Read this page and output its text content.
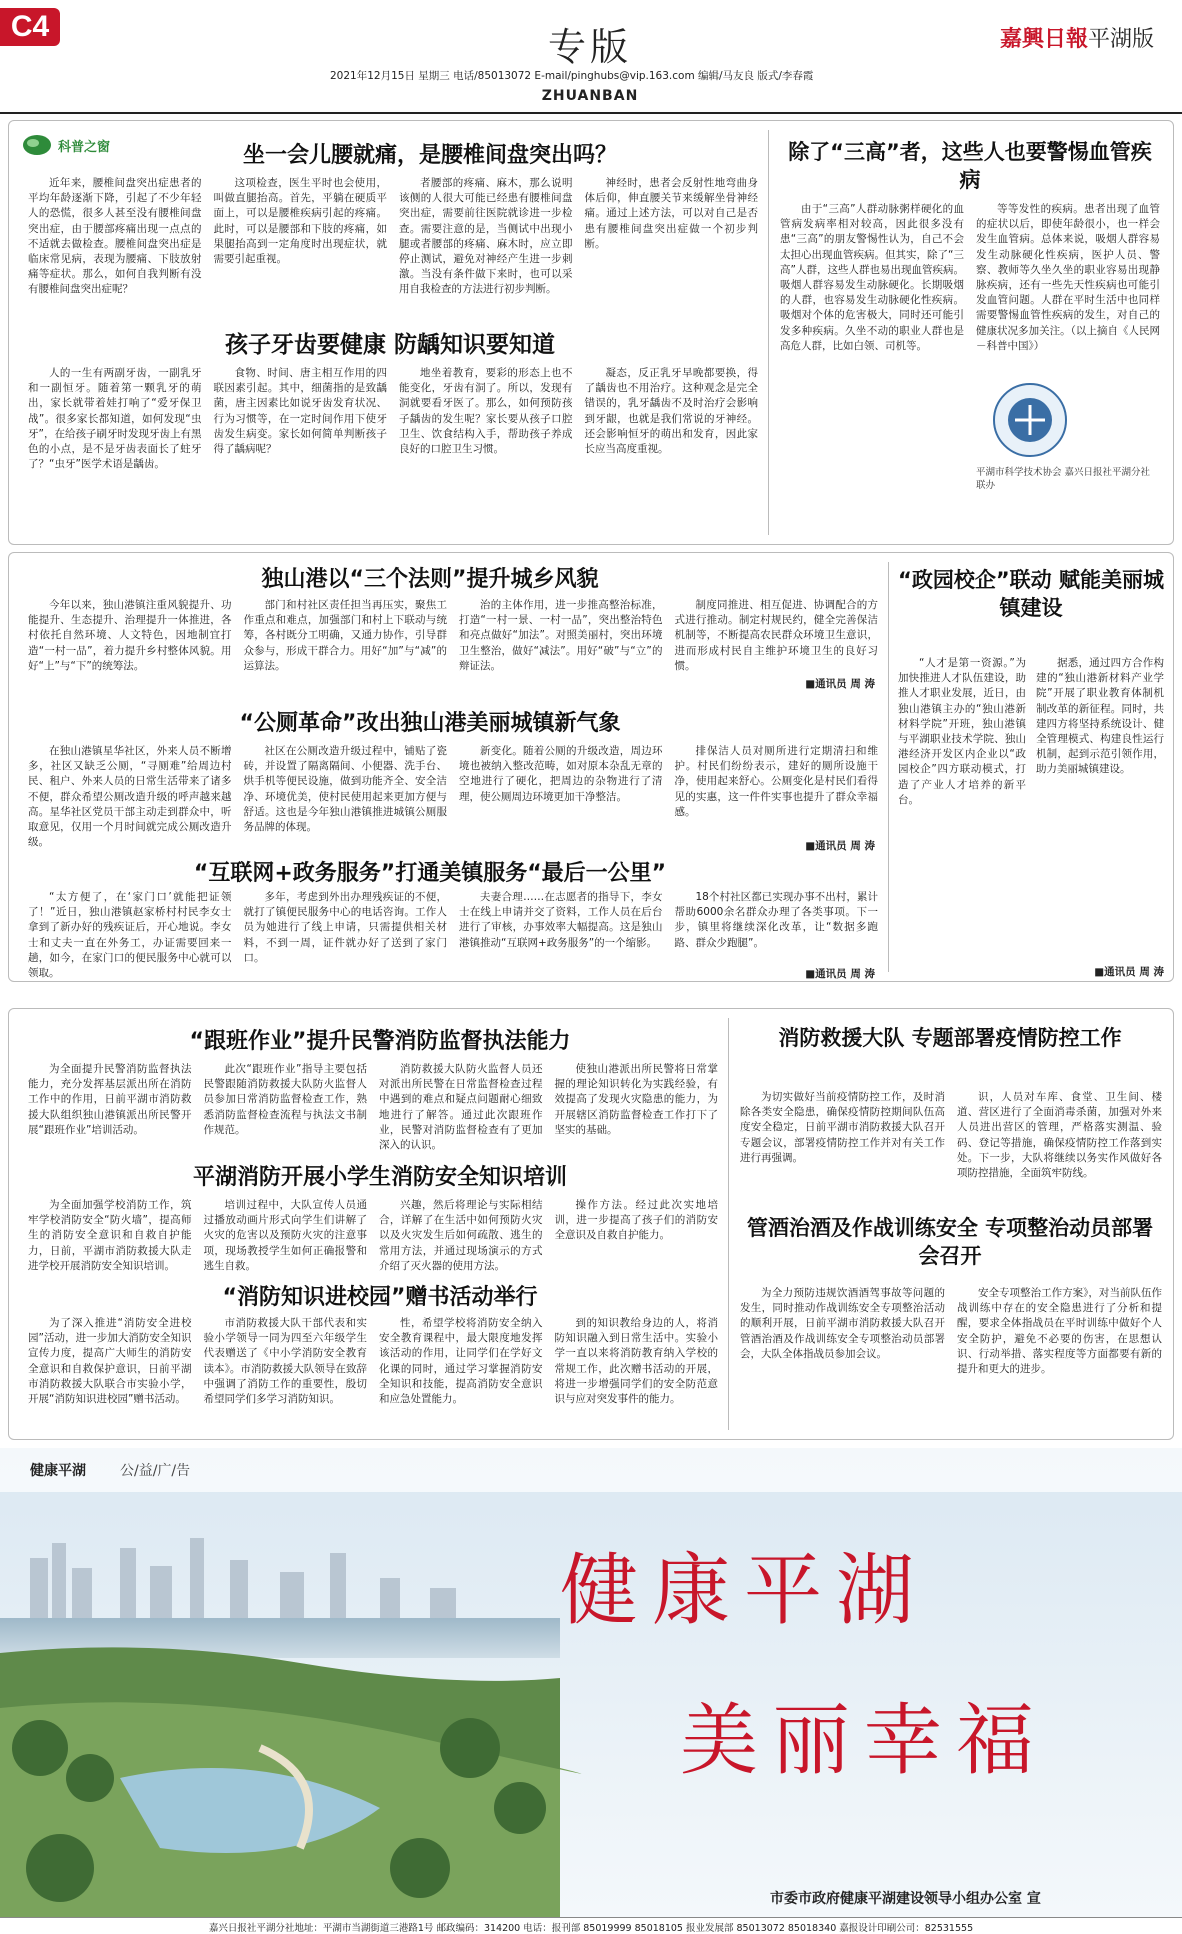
C4	专版
ZHUANBAN
2021年12月15日 星期三 电话/85013072 E-mail/pinghubs@vip.163.com 编辑/马友良 版式/李春霞
嘉興日報平湖版
科普之窗	坐一会儿腰就痛，是腰椎间盘突出吗？
近年来，腰椎间盘突出症患者的平均年龄逐渐下降，引起了不少年轻人的恐慌，很多人甚至没有腰椎间盘突出症，由于腰部疼痛出现一点点的不适就去做检查。腰椎间盘突出症是临床常见病，表现为腰痛、下肢放射痛等症状。那么，如何自我判断有没有腰椎间盘突出症呢？
这项检查，医生平时也会使用，叫做直腿抬高。首先，平躺在硬质平面上，可以是腰椎疾病引起的疼痛。此时，可以是腰部和下肢的疼痛，如果腿抬高到一定角度时出现症状，就需要引起重视。
者腰部的疼痛、麻木，那么说明该侧的人很大可能已经患有腰椎间盘突出症，需要前往医院就诊进一步检查。需要注意的是，当侧试中出现小腿或者腰部的疼痛、麻木时，应立即停止测试，避免对神经产生进一步刺激。当没有条件做下来时，也可以采用自我检查的方法进行初步判断。
神经时，患者会反射性地弯曲身体后仰，伸直腰关节来缓解坐骨神经痛。通过上述方法，可以对自己是否患有腰椎间盘突出症做一个初步判断。
孩子牙齿要健康 防龋知识要知道
人的一生有两副牙齿，一副乳牙和一副恒牙。随着第一颗乳牙的萌出，家长就带着娃打响了“爱牙保卫战”。很多家长都知道，如何发现“虫牙”，在给孩子刷牙时发现牙齿上有黑色的小点，是不是牙齿表面长了蛀牙了？“虫牙”医学术语是龋齿。
食物、时间、唐主相互作用的四联因素引起。其中，细菌指的是致龋菌，唐主因素比如说牙齿发育状况、行为习惯等，在一定时间作用下使牙齿发生病变。家长如何简单判断孩子得了龋病呢？
地坐着教育，要彩的形态上也不能变化，牙齿有洞了。所以，发现有洞就要看牙医了。那么，如何预防孩子龋齿的发生呢？家长要从孩子口腔卫生、饮食结构入手，帮助孩子养成良好的口腔卫生习惯。
凝态，反正乳牙早晚都要换，得了龋齿也不用治疗。这种观念是完全错误的，乳牙龋齿不及时治疗会影响到牙龈，也就是我们常说的牙神经。还会影响恒牙的萌出和发育，因此家长应当高度重视。
除了“三高”者，这些人也要警惕血管疾病
由于“三高”人群动脉粥样硬化的血管病发病率相对较高，因此很多没有患“三高”的朋友警惕性认为，自己不会太担心出现血管疾病。但其实，除了“三高”人群，这些人群也易出现血管疾病。吸烟人群容易发生动脉硬化。长期吸烟的人群，也容易发生动脉硬化性疾病。吸烟对个体的危害极大，同时还可能引发多种疾病。久坐不动的职业人群也是高危人群，比如白领、司机等。
等等发性的疾病。患者出现了血管的症状以后，即使年龄很小，也一样会发生血管病。总体来说，吸烟人群容易发生动脉硬化性疾病，医护人员、警察、教师等久坐久坐的职业容易出现静脉疾病，还有一些先天性疾病也可能引发血管问题。人群在平时生活中也同样需要警惕血管性疾病的发生，对自己的健康状况多加关注。（以上摘自《人民网－科普中国》）
平湖市科学技术协会 嘉兴日报社平湖分社 联办
独山港以“三个法则”提升城乡风貌
今年以来，独山港镇注重风貌提升、功能提升、生态提升、治理提升一体推进，各村依托自然环境、人文特色，因地制宜打造“一村一品”，着力提升乡村整体风貌。用好“上”与“下”的统筹法。
部门和村社区责任担当再压实，聚焦工作重点和难点，加强部门和村上下联动与统筹，各村既分工明确，又通力协作，引导群众参与，形成干群合力。用好“加”与“减”的运算法。
治的主体作用，进一步推高整治标准，打造“一村一景、一村一品”，突出整治特色和亮点做好“加法”。对照美丽村，突出环境卫生整治，做好“减法”。用好“破”与“立”的辩证法。
制度同推进、相互促进、协调配合的方式进行推动。制定村规民约，健全完善保洁机制等，不断提高农民群众环境卫生意识，进而形成村民自主维护环境卫生的良好习惯。
■通讯员 周 涛
“公厕革命”改出独山港美丽城镇新气象
在独山港镇星华社区，外来人员不断增多，社区又缺乏公厕，“寻厕难”给周边村民、租户、外来人员的日常生活带来了诸多不便，群众希望公厕改造升级的呼声越来越高。星华社区党员干部主动走到群众中，听取意见，仅用一个月时间就完成公厕改造升级。
社区在公厕改造升级过程中，铺贴了瓷砖，并设置了隔离隔间、小便器、洗手台、烘手机等便民设施，做到功能齐全、安全洁净、环境优美，使村民使用起来更加方便与舒适。这也是今年独山港镇推进城镇公厕服务品牌的体现。
新变化。随着公厕的升级改造，周边环境也被纳入整改范畴，如对原本杂乱无章的空地进行了硬化，把周边的杂物进行了清理，使公厕周边环境更加干净整洁。
排保洁人员对厕所进行定期清扫和维护。村民们纷纷表示，建好的厕所设施干净，使用起来舒心。公厕变化是村民们看得见的实惠，这一件件实事也提升了群众幸福感。
■通讯员 周 涛
“互联网+政务服务”打通美镇服务“最后一公里”
“太方便了，在‘家门口’就能把证领了！”近日，独山港镇赵家桥村村民李女士拿到了新办好的残疾证后，开心地说。李女士和丈夫一直在外务工，办证需要回来一趟，如今，在家门口的便民服务中心就可以领取。
多年，考虑到外出办理残疾证的不便，就打了镇便民服务中心的电话咨询。工作人员为她进行了线上申请，只需提供相关材料，不到一周，证件就办好了送到了家门口。
夫妻合理……在志愿者的指导下，李女士在线上申请并交了资料，工作人员在后台进行了审核，办事效率大幅提高。这是独山港镇推动“互联网+政务服务”的一个缩影。
18个村社区都已实现办事不出村，累计帮助6000余名群众办理了各类事项。下一步，镇里将继续深化改革，让“数据多跑路、群众少跑腿”。
■通讯员 周 涛
“政园校企”联动 赋能美丽城镇建设
“人才是第一资源。”为加快推进人才队伍建设，助推人才职业发展，近日，由独山港镇主办的“独山港新材料学院”开班，独山港镇与平湖职业技术学院、独山港经济开发区内企业以“政园校企”四方联动模式，打造了产业人才培养的新平台。
据悉，通过四方合作构建的“独山港新材料产业学院”开展了职业教育体制机制改革的新征程。同时，共建四方将坚持系统设计、健全管理模式、构建良性运行机制，起到示范引领作用，助力美丽城镇建设。
■通讯员 周 涛
“跟班作业”提升民警消防监督执法能力
为全面提升民警消防监督执法能力，充分发挥基层派出所在消防工作中的作用，日前平湖市消防救援大队组织独山港镇派出所民警开展“跟班作业”培训活动。
此次“跟班作业”指导主要包括民警跟随消防救援大队防火监督人员参加日常消防监督检查工作，熟悉消防监督检查流程与执法文书制作规范。
消防救援大队防火监督人员还对派出所民警在日常监督检查过程中遇到的难点和疑点问题耐心细致地进行了解答。通过此次跟班作业，民警对消防监督检查有了更加深入的认识。
使独山港派出所民警将日常掌握的理论知识转化为实践经验，有效提高了发现火灾隐患的能力，为开展辖区消防监督检查工作打下了坚实的基础。
平湖消防开展小学生消防安全知识培训
为全面加强学校消防工作，筑牢学校消防安全“防火墙”，提高师生的消防安全意识和自救自护能力，日前，平湖市消防救援大队走进学校开展消防安全知识培训。
培训过程中，大队宣传人员通过播放动画片形式向学生们讲解了火灾的危害以及预防火灾的注意事项，现场教授学生如何正确报警和逃生自救。
兴趣，然后将理论与实际相结合，详解了在生活中如何预防火灾以及火灾发生后如何疏散、逃生的常用方法，并通过现场演示的方式介绍了灭火器的使用方法。
操作方法。经过此次实地培训，进一步提高了孩子们的消防安全意识及自救自护能力。
“消防知识进校园”赠书活动举行
为了深入推进“消防安全进校园”活动，进一步加大消防安全知识宣传力度，提高广大师生的消防安全意识和自救保护意识，日前平湖市消防救援大队联合市实验小学，开展“消防知识进校园”赠书活动。
市消防救援大队干部代表和实验小学领导一同为四至六年级学生代表赠送了《中小学消防安全教育读本》。市消防救援大队领导在致辞中强调了消防工作的重要性，殷切希望同学们多学习消防知识。
性，希望学校将消防安全纳入安全教育课程中，最大限度地发挥该活动的作用，让同学们在学好文化课的同时，通过学习掌握消防安全知识和技能，提高消防安全意识和应急处置能力。
到的知识教给身边的人，将消防知识融入到日常生活中。实验小学一直以来将消防教育纳入学校的常规工作，此次赠书活动的开展，将进一步增强同学们的安全防范意识与应对突发事件的能力。
消防救援大队 专题部署疫情防控工作
为切实做好当前疫情防控工作，及时消除各类安全隐患，确保疫情防控期间队伍高度安全稳定，日前平湖市消防救援大队召开专题会议，部署疫情防控工作并对有关工作进行再强调。
识，人员对车库、食堂、卫生间、楼道、营区进行了全面消毒杀菌，加强对外来人员进出营区的管理，严格落实测温、验码、登记等措施，确保疫情防控工作落到实处。下一步，大队将继续以务实作风做好各项防控措施，全面筑牢防线。
管酒治酒及作战训练安全 专项整治动员部署会召开
为全力预防违规饮酒酒驾事故等问题的发生，同时推动作战训练安全专项整治活动的顺利开展，日前平湖市消防救援大队召开管酒治酒及作战训练安全专项整治动员部署会，大队全体指战员参加会议。
安全专项整治工作方案》，对当前队伍作战训练中存在的安全隐患进行了分析和提醒，要求全体指战员在平时训练中做好个人安全防护，避免不必要的伤害，在思想认识、行动举措、落实程度等方面都要有新的提升和更大的进步。
健康平湖 公/益/广/告
健康平湖
美丽幸福
市委市政府健康平湖建设领导小组办公室 宣
嘉兴日报社平湖分社地址：平湖市当湖街道三港路1号 邮政编码：314200 电话：报刊部 85019999 85018105 报业发展部 85013072 85018340 嘉报设计印刷公司：82531555
